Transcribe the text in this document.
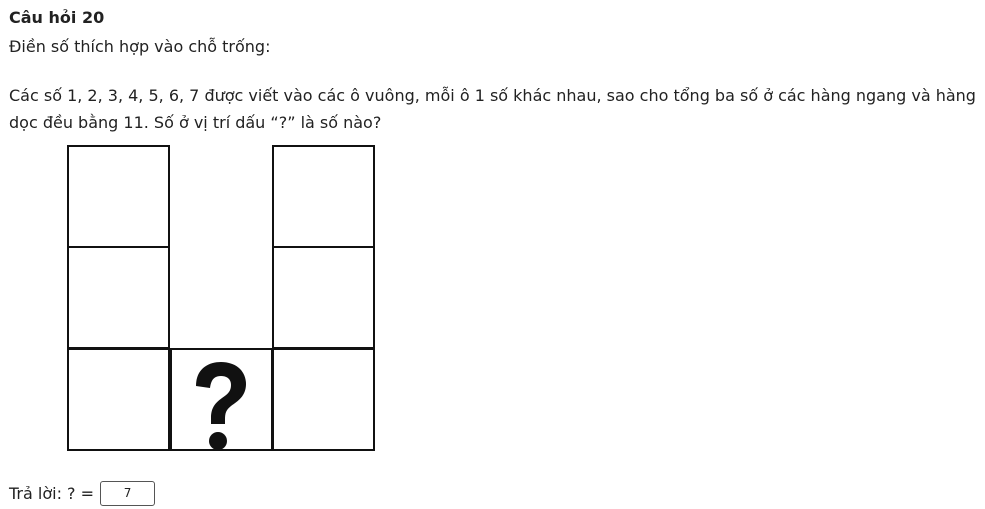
Câu hỏi 20
Điền số thích hợp vào chỗ trống:
Các số 1, 2, 3, 4, 5, 6, 7 được viết vào các ô vuông, mỗi ô 1 số khác nhau, sao cho tổng ba số ở các hàng ngang và hàng dọc đều bằng 11. Số ở vị trí dấu “?” là số nào?
Trả lời: ? =	7
